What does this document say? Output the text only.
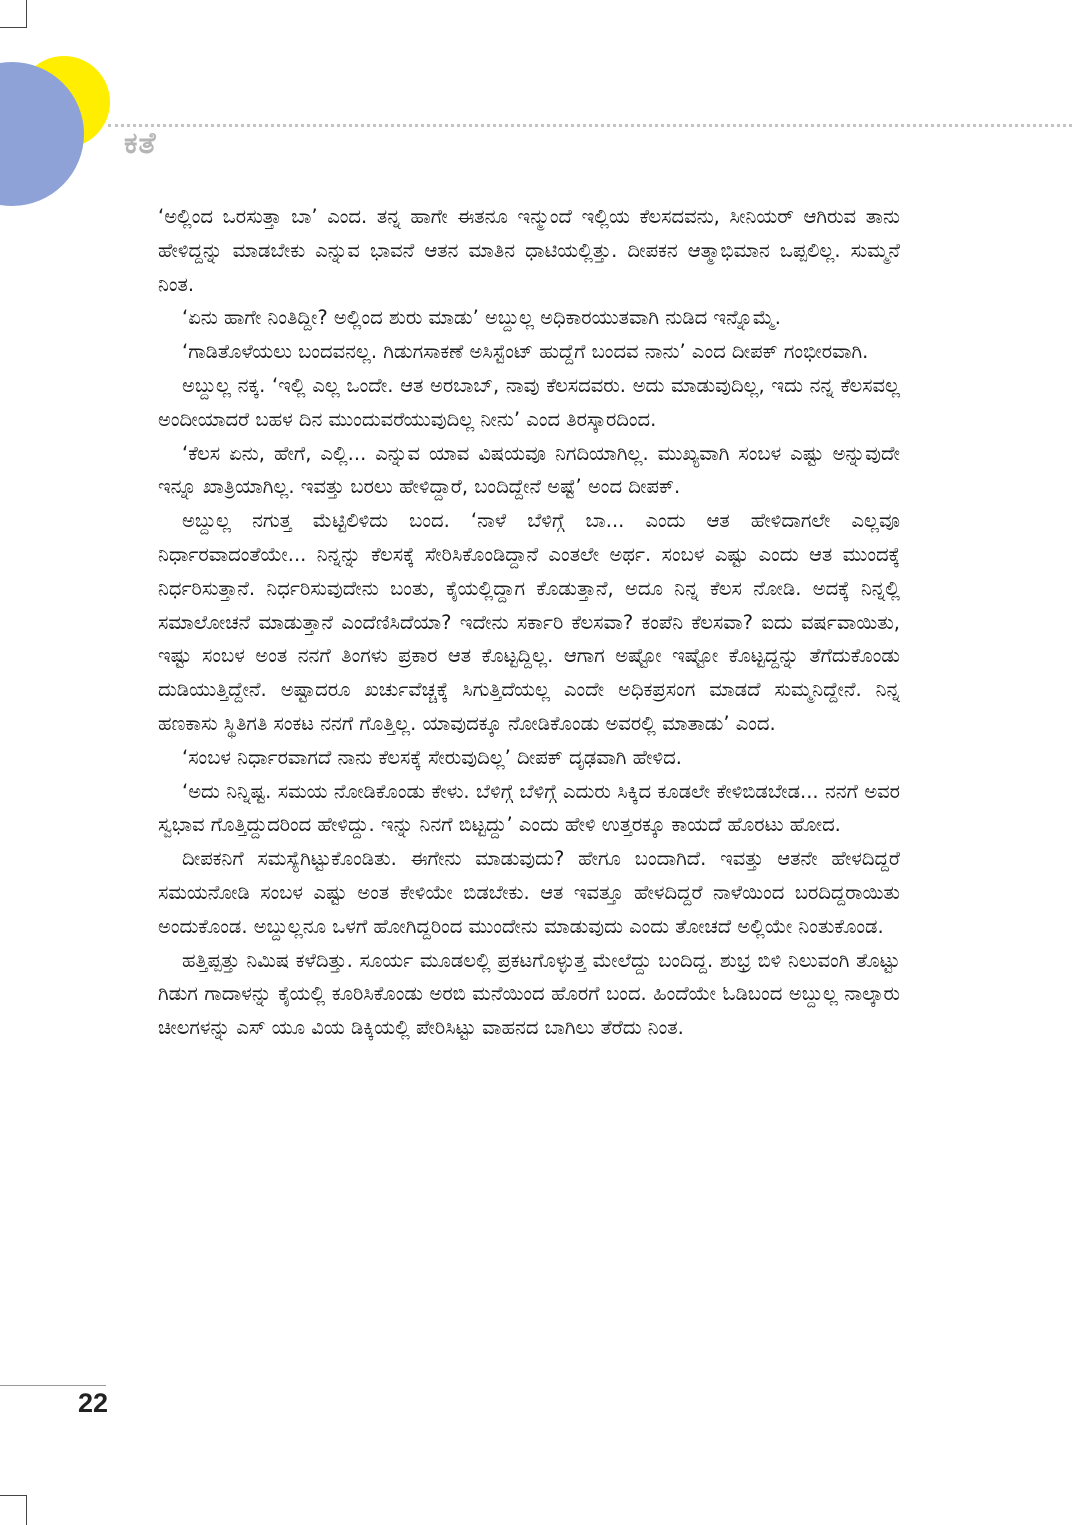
ಕತೆ

‘ಅಲ್ಲಿಂದ ಒರಸುತ್ತಾ ಬಾ’ ಎಂದ. ತನ್ನ ಹಾಗೇ ಈತನೂ ಇನ್ಮುಂದೆ ಇಲ್ಲಿಯ ಕೆಲಸದವನು, ಸೀನಿಯರ್ ಆಗಿರುವ ತಾನು ಹೇಳಿದ್ದನ್ನು ಮಾಡಬೇಕು ಎನ್ನುವ ಭಾವನೆ ಆತನ ಮಾತಿನ ಧಾಟಿಯಲ್ಲಿತ್ತು. ದೀಪಕನ ಆತ್ಮಾಭಿಮಾನ ಒಪ್ಪಲಿಲ್ಲ. ಸುಮ್ಮನೆ ನಿಂತ.

‘ಏನು ಹಾಗೇ ನಿಂತಿದ್ದೀ? ಅಲ್ಲಿಂದ ಶುರು ಮಾಡು’ ಅಬ್ದುಲ್ಲ ಅಧಿಕಾರಯುತವಾಗಿ ನುಡಿದ ಇನ್ನೊಮ್ಮೆ.

‘ಗಾಡಿತೊಳೆಯಲು ಬಂದವನಲ್ಲ. ಗಿಡುಗಸಾಕಣೆ ಅಸಿಸ್ಟೆಂಟ್ ಹುದ್ದೆಗೆ ಬಂದವ ನಾನು’ ಎಂದ ದೀಪಕ್ ಗಂಭೀರವಾಗಿ.

ಅಬ್ದುಲ್ಲ ನಕ್ಕ. ‘ಇಲ್ಲಿ ಎಲ್ಲ ಒಂದೇ. ಆತ ಅರಬಾಬ್, ನಾವು ಕೆಲಸದವರು. ಅದು ಮಾಡುವುದಿಲ್ಲ, ಇದು ನನ್ನ ಕೆಲಸವಲ್ಲ ಅಂದೀಯಾದರೆ ಬಹಳ ದಿನ ಮುಂದುವರೆಯುವುದಿಲ್ಲ ನೀನು’ ಎಂದ ತಿರಸ್ಕಾರದಿಂದ.

‘ಕೆಲಸ ಏನು, ಹೇಗೆ, ಎಲ್ಲಿ... ಎನ್ನುವ ಯಾವ ವಿಷಯವೂ ನಿಗದಿಯಾಗಿಲ್ಲ. ಮುಖ್ಯವಾಗಿ ಸಂಬಳ ಎಷ್ಟು ಅನ್ನುವುದೇ ಇನ್ನೂ ಖಾತ್ರಿಯಾಗಿಲ್ಲ. ಇವತ್ತು ಬರಲು ಹೇಳಿದ್ದಾರೆ, ಬಂದಿದ್ದೇನೆ ಅಷ್ಟೆ’ ಅಂದ ದೀಪಕ್.

ಅಬ್ದುಲ್ಲ ನಗುತ್ತ ಮೆಟ್ಟಿಲಿಳಿದು ಬಂದ. ‘ನಾಳೆ ಬೆಳಿಗ್ಗೆ ಬಾ... ಎಂದು ಆತ ಹೇಳಿದಾಗಲೇ ಎಲ್ಲವೂ ನಿರ್ಧಾರವಾದಂತೆಯೇ... ನಿನ್ನನ್ನು ಕೆಲಸಕ್ಕೆ ಸೇರಿಸಿಕೊಂಡಿದ್ದಾನೆ ಎಂತಲೇ ಅರ್ಥ. ಸಂಬಳ ಎಷ್ಟು ಎಂದು ಆತ ಮುಂದಕ್ಕೆ ನಿರ್ಧರಿಸುತ್ತಾನೆ. ನಿರ್ಧರಿಸುವುದೇನು ಬಂತು, ಕೈಯಲ್ಲಿದ್ದಾಗ ಕೊಡುತ್ತಾನೆ, ಅದೂ ನಿನ್ನ ಕೆಲಸ ನೋಡಿ. ಅದಕ್ಕೆ ನಿನ್ನಲ್ಲಿ ಸಮಾಲೋಚನೆ ಮಾಡುತ್ತಾನೆ ಎಂದೆಣಿಸಿದೆಯಾ? ಇದೇನು ಸರ್ಕಾರಿ ಕೆಲಸವಾ? ಕಂಪೆನಿ ಕೆಲಸವಾ? ಐದು ವರ್ಷವಾಯಿತು, ಇಷ್ಟು ಸಂಬಳ ಅಂತ ನನಗೆ ತಿಂಗಳು ಪ್ರಕಾರ ಆತ ಕೊಟ್ಟದ್ದಿಲ್ಲ. ಆಗಾಗ ಅಷ್ಟೋ ಇಷ್ಟೋ ಕೊಟ್ಟದ್ದನ್ನು ತೆಗೆದುಕೊಂಡು ದುಡಿಯುತ್ತಿದ್ದೇನೆ. ಅಷ್ಟಾದರೂ ಖರ್ಚುವೆಚ್ಚಕ್ಕೆ ಸಿಗುತ್ತಿದೆಯಲ್ಲ ಎಂದೇ ಅಧಿಕಪ್ರಸಂಗ ಮಾಡದೆ ಸುಮ್ಮನಿದ್ದೇನೆ. ನಿನ್ನ ಹಣಕಾಸು ಸ್ಥಿತಿಗತಿ ಸಂಕಟ ನನಗೆ ಗೊತ್ತಿಲ್ಲ. ಯಾವುದಕ್ಕೂ ನೋಡಿಕೊಂಡು ಅವರಲ್ಲಿ ಮಾತಾಡು’ ಎಂದ.

‘ಸಂಬಳ ನಿರ್ಧಾರವಾಗದೆ ನಾನು ಕೆಲಸಕ್ಕೆ ಸೇರುವುದಿಲ್ಲ’ ದೀಪಕ್ ದೃಢವಾಗಿ ಹೇಳಿದ.

‘ಅದು ನಿನ್ನಿಷ್ಟ. ಸಮಯ ನೋಡಿಕೊಂಡು ಕೇಳು. ಬೆಳಿಗ್ಗೆ ಬೆಳಿಗ್ಗೆ ಎದುರು ಸಿಕ್ಕಿದ ಕೂಡಲೇ ಕೇಳಿಬಿಡಬೇಡ... ನನಗೆ ಅವರ ಸ್ವಭಾವ ಗೊತ್ತಿದ್ದುದರಿಂದ ಹೇಳಿದ್ದು. ಇನ್ನು ನಿನಗೆ ಬಿಟ್ಟದ್ದು’ ಎಂದು ಹೇಳಿ ಉತ್ತರಕ್ಕೂ ಕಾಯದೆ ಹೊರಟು ಹೋದ.

ದೀಪಕನಿಗೆ ಸಮಸ್ಯೆಗಿಟ್ಟುಕೊಂಡಿತು. ಈಗೇನು ಮಾಡುವುದು? ಹೇಗೂ ಬಂದಾಗಿದೆ. ಇವತ್ತು ಆತನೇ ಹೇಳದಿದ್ದರೆ ಸಮಯನೋಡಿ ಸಂಬಳ ಎಷ್ಟು ಅಂತ ಕೇಳಿಯೇ ಬಿಡಬೇಕು. ಆತ ಇವತ್ತೂ ಹೇಳದಿದ್ದರೆ ನಾಳೆಯಿಂದ ಬರದಿದ್ದರಾಯಿತು ಅಂದುಕೊಂಡ. ಅಬ್ದುಲ್ಲನೂ ಒಳಗೆ ಹೋಗಿದ್ದರಿಂದ ಮುಂದೇನು ಮಾಡುವುದು ಎಂದು ತೋಚದೆ ಅಲ್ಲಿಯೇ ನಿಂತುಕೊಂಡ.

ಹತ್ತಿಪ್ಪತ್ತು ನಿಮಿಷ ಕಳೆದಿತ್ತು. ಸೂರ್ಯ ಮೂಡಲಲ್ಲಿ ಪ್ರಕಟಗೊಳ್ಳುತ್ತ ಮೇಲೆದ್ದು ಬಂದಿದ್ದ. ಶುಭ್ರ ಬಿಳಿ ನಿಲುವಂಗಿ ತೊಟ್ಟು ಗಿಡುಗ ಗಾದಾಳನ್ನು ಕೈಯಲ್ಲಿ ಕೂರಿಸಿಕೊಂಡು ಅರಬಿ ಮನೆಯಿಂದ ಹೊರಗೆ ಬಂದ. ಹಿಂದೆಯೇ ಓಡಿಬಂದ ಅಬ್ದುಲ್ಲ ನಾಲ್ಕಾರು ಚೀಲಗಳನ್ನು ಎಸ್ ಯೂ ವಿಯ ಡಿಕ್ಕಿಯಲ್ಲಿ ಪೇರಿಸಿಟ್ಟು ವಾಹನದ ಬಾಗಿಲು ತೆರೆದು ನಿಂತ.

22
